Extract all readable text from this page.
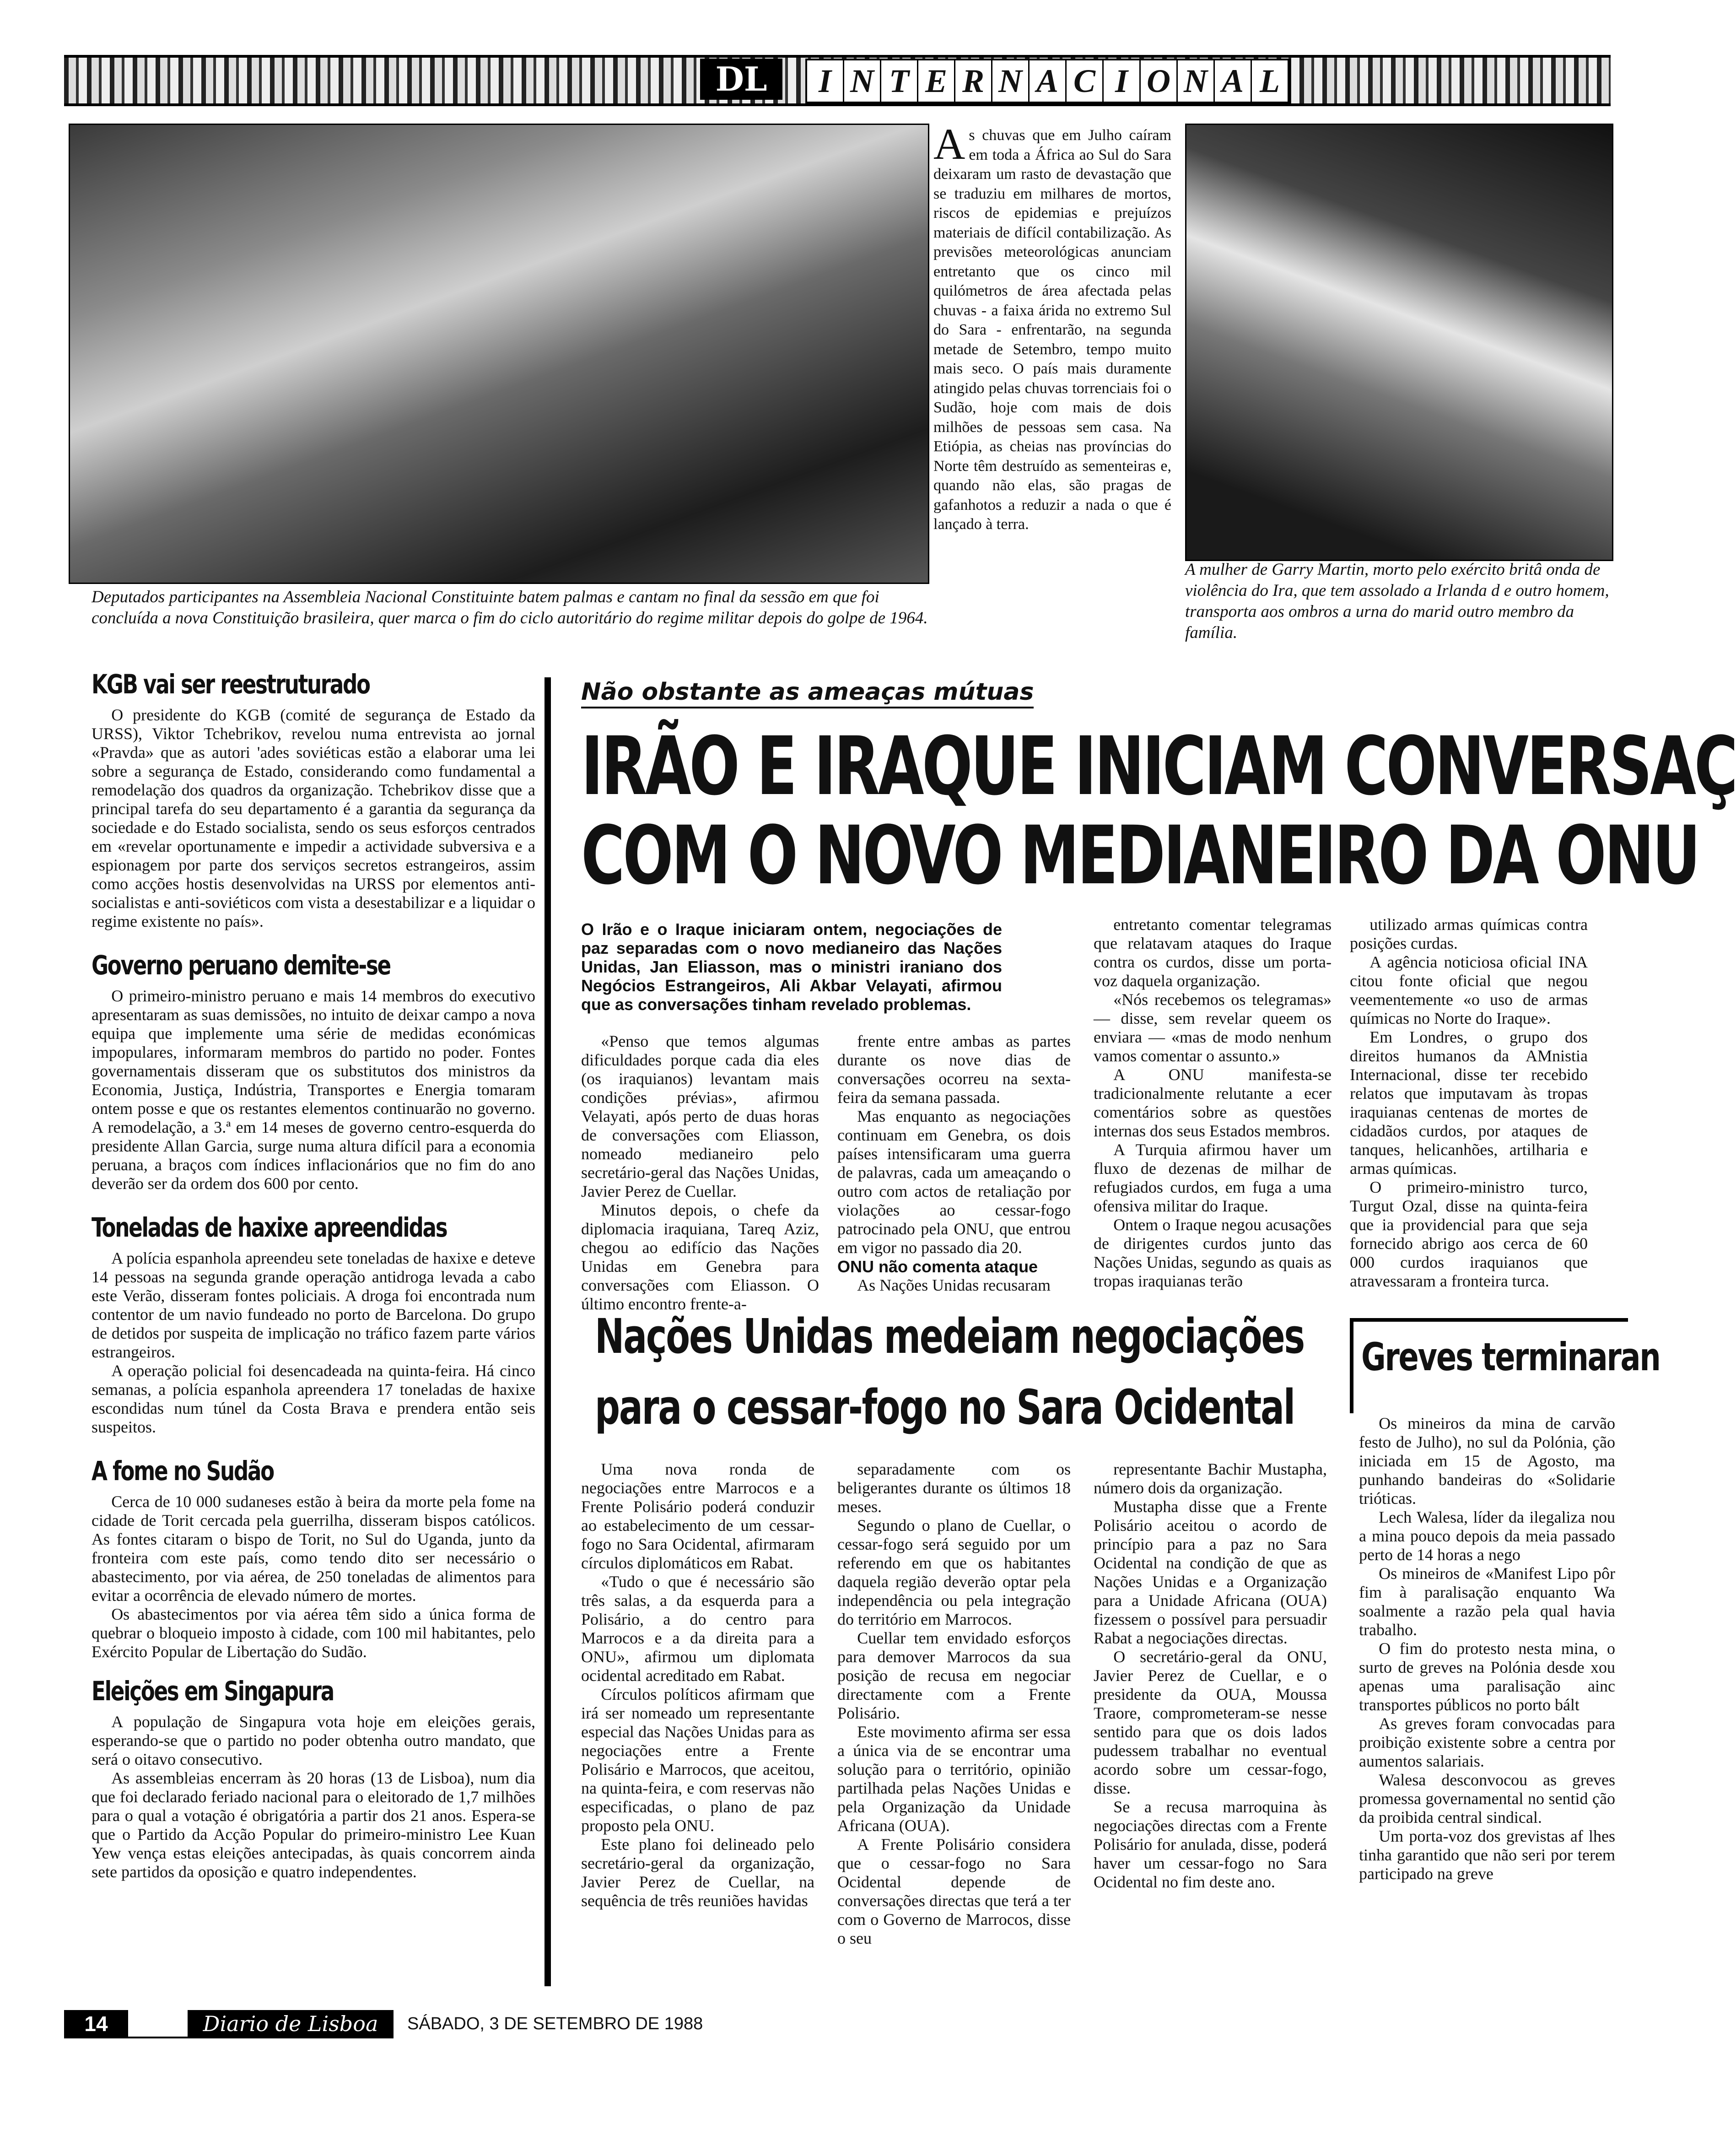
DL	I N T E R N A C I O N A L
Deputados participantes na Assembleia Nacional Constituinte batem palmas e cantam no final da sessão em que foi concluída a nova Constituição brasileira, quer marca o fim do ciclo autoritário do regime militar depois do golpe de 1964.
As chuvas que em Julho caíram em toda a África ao Sul do Sara deixaram um rasto de devastação que se traduziu em milhares de mortos, riscos de epidemias e prejuízos materiais de difícil contabilização. As previsões meteorológicas anunciam entretanto que os cinco mil quilómetros de área afectada pelas chuvas - a faixa árida no extremo Sul do Sara - enfrentarão, na segunda metade de Setembro, tempo muito mais seco. O país mais duramente atingido pelas chuvas torrenciais foi o Sudão, hoje com mais de dois milhões de pessoas sem casa. Na Etiópia, as cheias nas províncias do Norte têm destruído as sementeiras e, quando não elas, são pragas de gafanhotos a reduzir a nada o que é lançado à terra.
A mulher de Garry Martin, morto pelo exército britâ onda de violência do Ira, que tem assolado a Irlanda d e outro homem, transporta aos ombros a urna do marid outro membro da família.
KGB vai ser reestruturado

O presidente do KGB (comité de segurança de Estado da URSS), Viktor Tchebrikov, revelou numa entrevista ao jornal «Pravda» que as autori 'ades soviéticas estão a elaborar uma lei sobre a segurança de Estado, considerando como fundamental a remodelação dos quadros da organização. Tchebrikov disse que a principal tarefa do seu departamento é a garantia da segurança da sociedade e do Estado socialista, sendo os seus esforços centrados em «revelar oportunamente e impedir a actividade subversiva e a espionagem por parte dos serviços secretos estrangeiros, assim como acções hostis desenvolvidas na URSS por elementos anti-socialistas e anti-soviéticos com vista a desestabilizar e a liquidar o regime existente no país».

Governo peruano demite-se

O primeiro-ministro peruano e mais 14 membros do executivo apresentaram as suas demissões, no intuito de deixar campo a nova equipa que implemente uma série de medidas económicas impopulares, informaram membros do partido no poder. Fontes governamentais disseram que os substitutos dos ministros da Economia, Justiça, Indústria, Transportes e Energia tomaram ontem posse e que os restantes elementos continuarão no governo. A remodelação, a 3.ª em 14 meses de governo centro-esquerda do presidente Allan Garcia, surge numa altura difícil para a economia peruana, a braços com índices inflacionários que no fim do ano deverão ser da ordem dos 600 por cento.

Toneladas de haxixe apreendidas

A polícia espanhola apreendeu sete toneladas de haxixe e deteve 14 pessoas na segunda grande operação antidroga levada a cabo este Verão, disseram fontes policiais. A droga foi encontrada num contentor de um navio fundeado no porto de Barcelona. Do grupo de detidos por suspeita de implicação no tráfico fazem parte vários estrangeiros.

A operação policial foi desencadeada na quinta-feira. Há cinco semanas, a polícia espanhola apreendera 17 toneladas de haxixe escondidas num túnel da Costa Brava e prendera então seis suspeitos.

A fome no Sudão

Cerca de 10 000 sudaneses estão à beira da morte pela fome na cidade de Torit cercada pela guerrilha, disseram bispos católicos. As fontes citaram o bispo de Torit, no Sul do Uganda, junto da fronteira com este país, como tendo dito ser necessário o abastecimento, por via aérea, de 250 toneladas de alimentos para evitar a ocorrência de elevado número de mortes.

Os abastecimentos por via aérea têm sido a única forma de quebrar o bloqueio imposto à cidade, com 100 mil habitantes, pelo Exército Popular de Libertação do Sudão.

Eleições em Singapura

A população de Singapura vota hoje em eleições gerais, esperando-se que o partido no poder obtenha outro mandato, que será o oitavo consecutivo.

As assembleias encerram às 20 horas (13 de Lisboa), num dia que foi declarado feriado nacional para o eleitorado de 1,7 milhões para o qual a votação é obrigatória a partir dos 21 anos. Espera-se que o Partido da Acção Popular do primeiro-ministro Lee Kuan Yew vença estas eleições antecipadas, às quais concorrem ainda sete partidos da oposição e quatro independentes.

Não obstante as ameaças mútuas
IRÃO E IRAQUE INICIAM CONVERSAÇ
COM O NOVO MEDIANEIRO DA ONU
O Irão e o Iraque iniciaram ontem, negociações de paz separadas com o novo medianeiro das Nações Unidas, Jan Eliasson, mas o ministri iraniano dos Negócios Estrangeiros, Ali Akbar Velayati, afirmou que as conversações tinham revelado problemas.

«Penso que temos algumas dificuldades porque cada dia eles (os iraquianos) levantam mais condições prévias», afirmou Velayati, após perto de duas horas de conversações com Eliasson, nomeado medianeiro pelo secretário-geral das Nações Unidas, Javier Perez de Cuellar.

Minutos depois, o chefe da diplomacia iraquiana, Tareq Aziz, chegou ao edifício das Nações Unidas em Genebra para conversações com Eliasson. O último encontro frente-a-

frente entre ambas as partes durante os nove dias de conversações ocorreu na sexta-feira da semana passada.

Mas enquanto as negociações continuam em Genebra, os dois países intensificaram uma guerra de palavras, cada um ameaçando o outro com actos de retaliação por violações ao cessar-fogo patrocinado pela ONU, que entrou em vigor no passado dia 20.

ONU não comenta ataque

As Nações Unidas recusaram

entretanto comentar telegramas que relatavam ataques do Iraque contra os curdos, disse um porta-voz daquela organização.

«Nós recebemos os telegramas» — disse, sem revelar queem os enviara — «mas de modo nenhum vamos comentar o assunto.»

A ONU manifesta-se tradicionalmente relutante a ecer comentários sobre as questões internas dos seus Estados membros.

A Turquia afirmou haver um fluxo de dezenas de milhar de refugiados curdos, em fuga a uma ofensiva militar do Iraque.

Ontem o Iraque negou acusações de dirigentes curdos junto das Nações Unidas, segundo as quais as tropas iraquianas terão

utilizado armas químicas contra posições curdas.

A agência noticiosa oficial INA citou fonte oficial que negou veementemente «o uso de armas químicas no Norte do Iraque».

Em Londres, o grupo dos direitos humanos da AMnistia Internacional, disse ter recebido relatos que imputavam às tropas iraquianas centenas de mortes de cidadãos curdos, por ataques de tanques, helicanhões, artilharia e armas químicas.

O primeiro-ministro turco, Turgut Ozal, disse na quinta-feira que ia providencial para que seja fornecido abrigo aos cerca de 60 000 curdos iraquianos que atravessaram a fronteira turca.

Nações Unidas medeiam negociações
para o cessar-fogo no Sara Ocidental

Uma nova ronda de negociações entre Marrocos e a Frente Polisário poderá conduzir ao estabelecimento de um cessar-fogo no Sara Ocidental, afirmaram círculos diplomáticos em Rabat.

«Tudo o que é necessário são três salas, a da esquerda para a Polisário, a do centro para Marrocos e a da direita para a ONU», afirmou um diplomata ocidental acreditado em Rabat.

Círculos políticos afirmam que irá ser nomeado um representante especial das Nações Unidas para as negociações entre a Frente Polisário e Marrocos, que aceitou, na quinta-feira, e com reservas não especificadas, o plano de paz proposto pela ONU.

Este plano foi delineado pelo secretário-geral da organização, Javier Perez de Cuellar, na sequência de três reuniões havidas

separadamente com os beligerantes durante os últimos 18 meses.

Segundo o plano de Cuellar, o cessar-fogo será seguido por um referendo em que os habitantes daquela região deverão optar pela independência ou pela integração do território em Marrocos.

Cuellar tem envidado esforços para demover Marrocos da sua posição de recusa em negociar directamente com a Frente Polisário.

Este movimento afirma ser essa a única via de se encontrar uma solução para o território, opinião partilhada pelas Nações Unidas e pela Organização da Unidade Africana (OUA).

A Frente Polisário considera que o cessar-fogo no Sara Ocidental depende de conversações directas que terá a ter com o Governo de Marrocos, disse o seu

representante Bachir Mustapha, número dois da organização.

Mustapha disse que a Frente Polisário aceitou o acordo de princípio para a paz no Sara Ocidental na condição de que as Nações Unidas e a Organização para a Unidade Africana (OUA) fizessem o possível para persuadir Rabat a negociações directas.

O secretário-geral da ONU, Javier Perez de Cuellar, e o presidente da OUA, Moussa Traore, comprometeram-se nesse sentido para que os dois lados pudessem trabalhar no eventual acordo sobre um cessar-fogo, disse.

Se a recusa marroquina às negociações directas com a Frente Polisário for anulada, disse, poderá haver um cessar-fogo no Sara Ocidental no fim deste ano.

Greves terminaran

Os mineiros da mina de carvão festo de Julho), no sul da Polónia, ção iniciada em 15 de Agosto, ma punhando bandeiras do «Solidarie trióticas.

Lech Walesa, líder da ilegaliza nou a mina pouco depois da meia passado perto de 14 horas a nego

Os mineiros de «Manifest Lipo pôr fim à paralisação enquanto Wa soalmente a razão pela qual havia trabalho.

O fim do protesto nesta mina, o surto de greves na Polónia desde xou apenas uma paralisação ainc transportes públicos no porto bált

As greves foram convocadas para proibição existente sobre a centra por aumentos salariais.

Walesa desconvocou as greves promessa governamental no sentid ção da proibida central sindical.

Um porta-voz dos grevistas af lhes tinha garantido que não seri por terem participado na greve

14	Diario de Lisboa	SÁBADO, 3 DE SETEMBRO DE 1988
